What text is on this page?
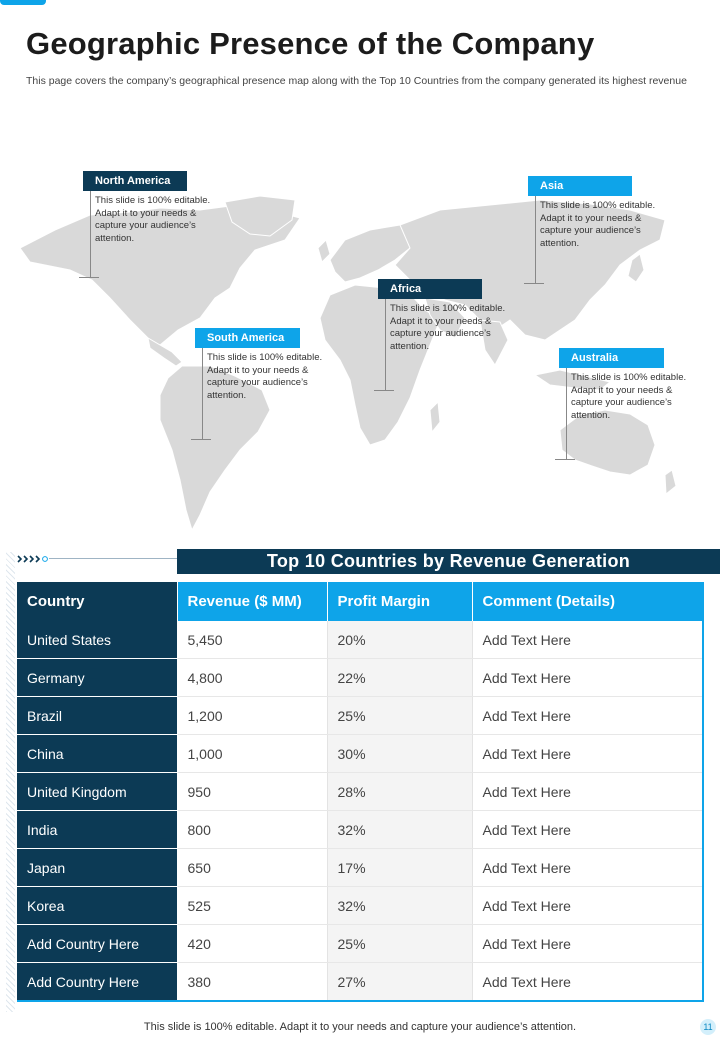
Geographic Presence of the Company

This page covers the company’s geographical presence map along with the Top 10 Countries from the company generated its highest revenue

North America
This slide is 100% editable. Adapt it to your needs & capture your audience’s attention.
South America
This slide is 100% editable. Adapt it to your needs & capture your audience’s attention.
Africa
This slide is 100% editable. Adapt it to your needs & capture your audience’s attention.
Asia
This slide is 100% editable. Adapt it to your needs & capture your audience’s attention.
Australia
This slide is 100% editable. Adapt it to your needs & capture your audience’s attention.
Top 10 Countries by Revenue Generation
Country	Revenue ($ MM)	Profit Margin	Comment (Details)
United States	5,450	20%	Add Text Here
Germany	4,800	22%	Add Text Here
Brazil	1,200	25%	Add Text Here
China	1,000	30%	Add Text Here
United Kingdom	950	28%	Add Text Here
India	800	32%	Add Text Here
Japan	650	17%	Add Text Here
Korea	525	32%	Add Text Here
Add Country Here	420	25%	Add Text Here
Add Country Here	380	27%	Add Text Here
This slide is 100% editable. Adapt it to your needs and capture your audience’s attention.	11
